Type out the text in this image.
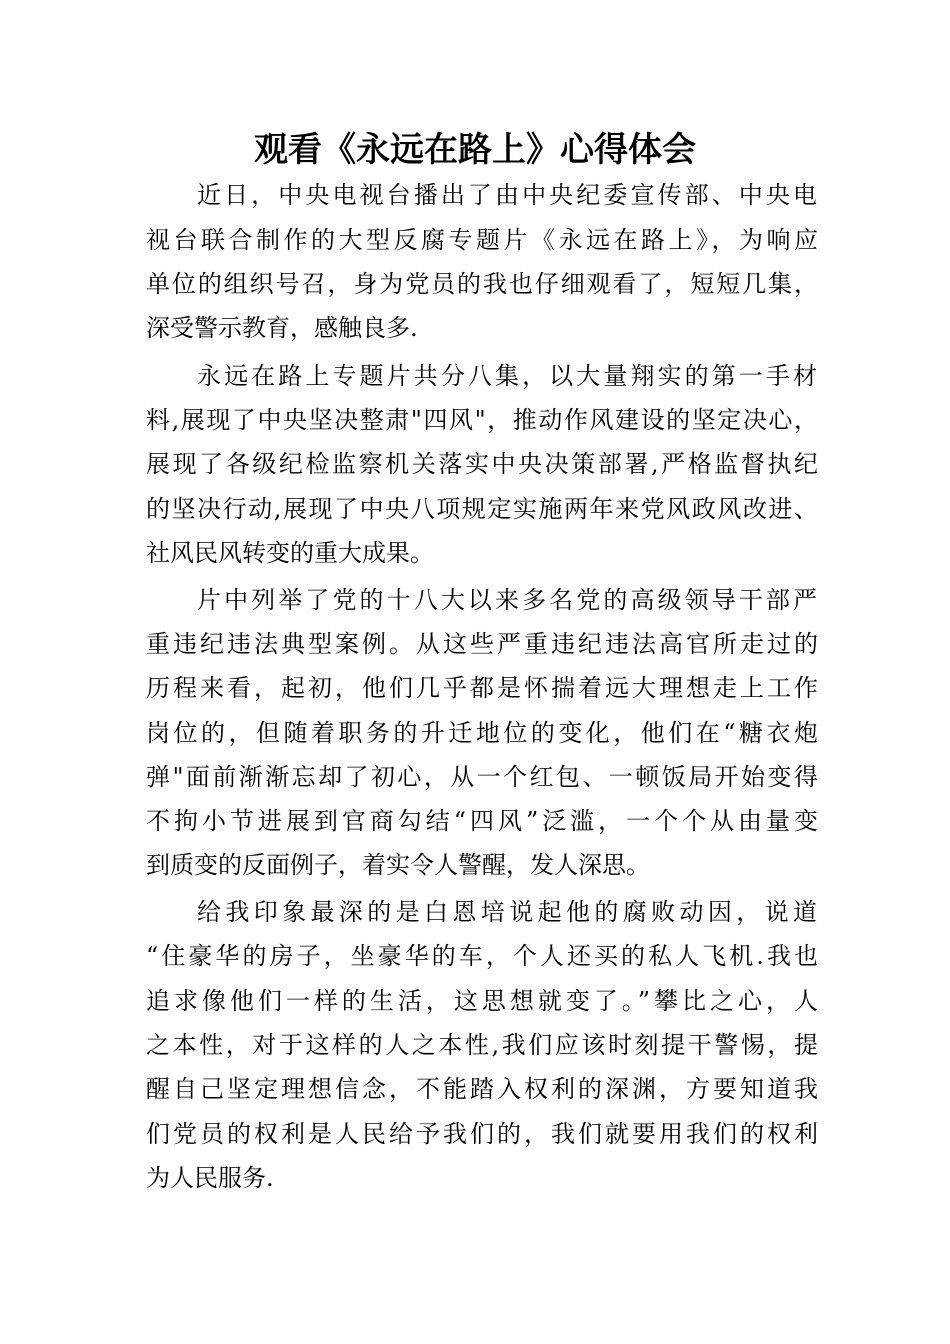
观看《永远在路上》心得体会
近日，中央电视台播出了由中央纪委宣传部、中央电
视台联合制作的大型反腐专题片《永远在路上》，为响应
单位的组织号召，身为党员的我也仔细观看了，短短几集，
深受警示教育，感触良多.
永远在路上专题片共分八集，以大量翔实的第一手材
料,展现了中央坚决整肃"四风"，推动作风建设的坚定决心，
展现了各级纪检监察机关落实中央决策部署,严格监督执纪
的坚决行动,展现了中央八项规定实施两年来党风政风改进、
社风民风转变的重大成果。
片中列举了党的十八大以来多名党的高级领导干部严
重违纪违法典型案例。从这些严重违纪违法高官所走过的
历程来看，起初，他们几乎都是怀揣着远大理想走上工作
岗位的，但随着职务的升迁地位的变化，他们在“糖衣炮
弹"面前渐渐忘却了初心，从一个红包、一顿饭局开始变得
不拘小节进展到官商勾结“四风”泛滥，一个个从由量变
到质变的反面例子，着实令人警醒，发人深思。
给我印象最深的是白恩培说起他的腐败动因，说道
“住豪华的房子，坐豪华的车，个人还买的私人飞机.我也
追求像他们一样的生活，这思想就变了。”攀比之心，人
之本性，对于这样的人之本性,我们应该时刻提干警惕，提
醒自己坚定理想信念，不能踏入权利的深渊，方要知道我
们党员的权利是人民给予我们的，我们就要用我们的权利
为人民服务.
